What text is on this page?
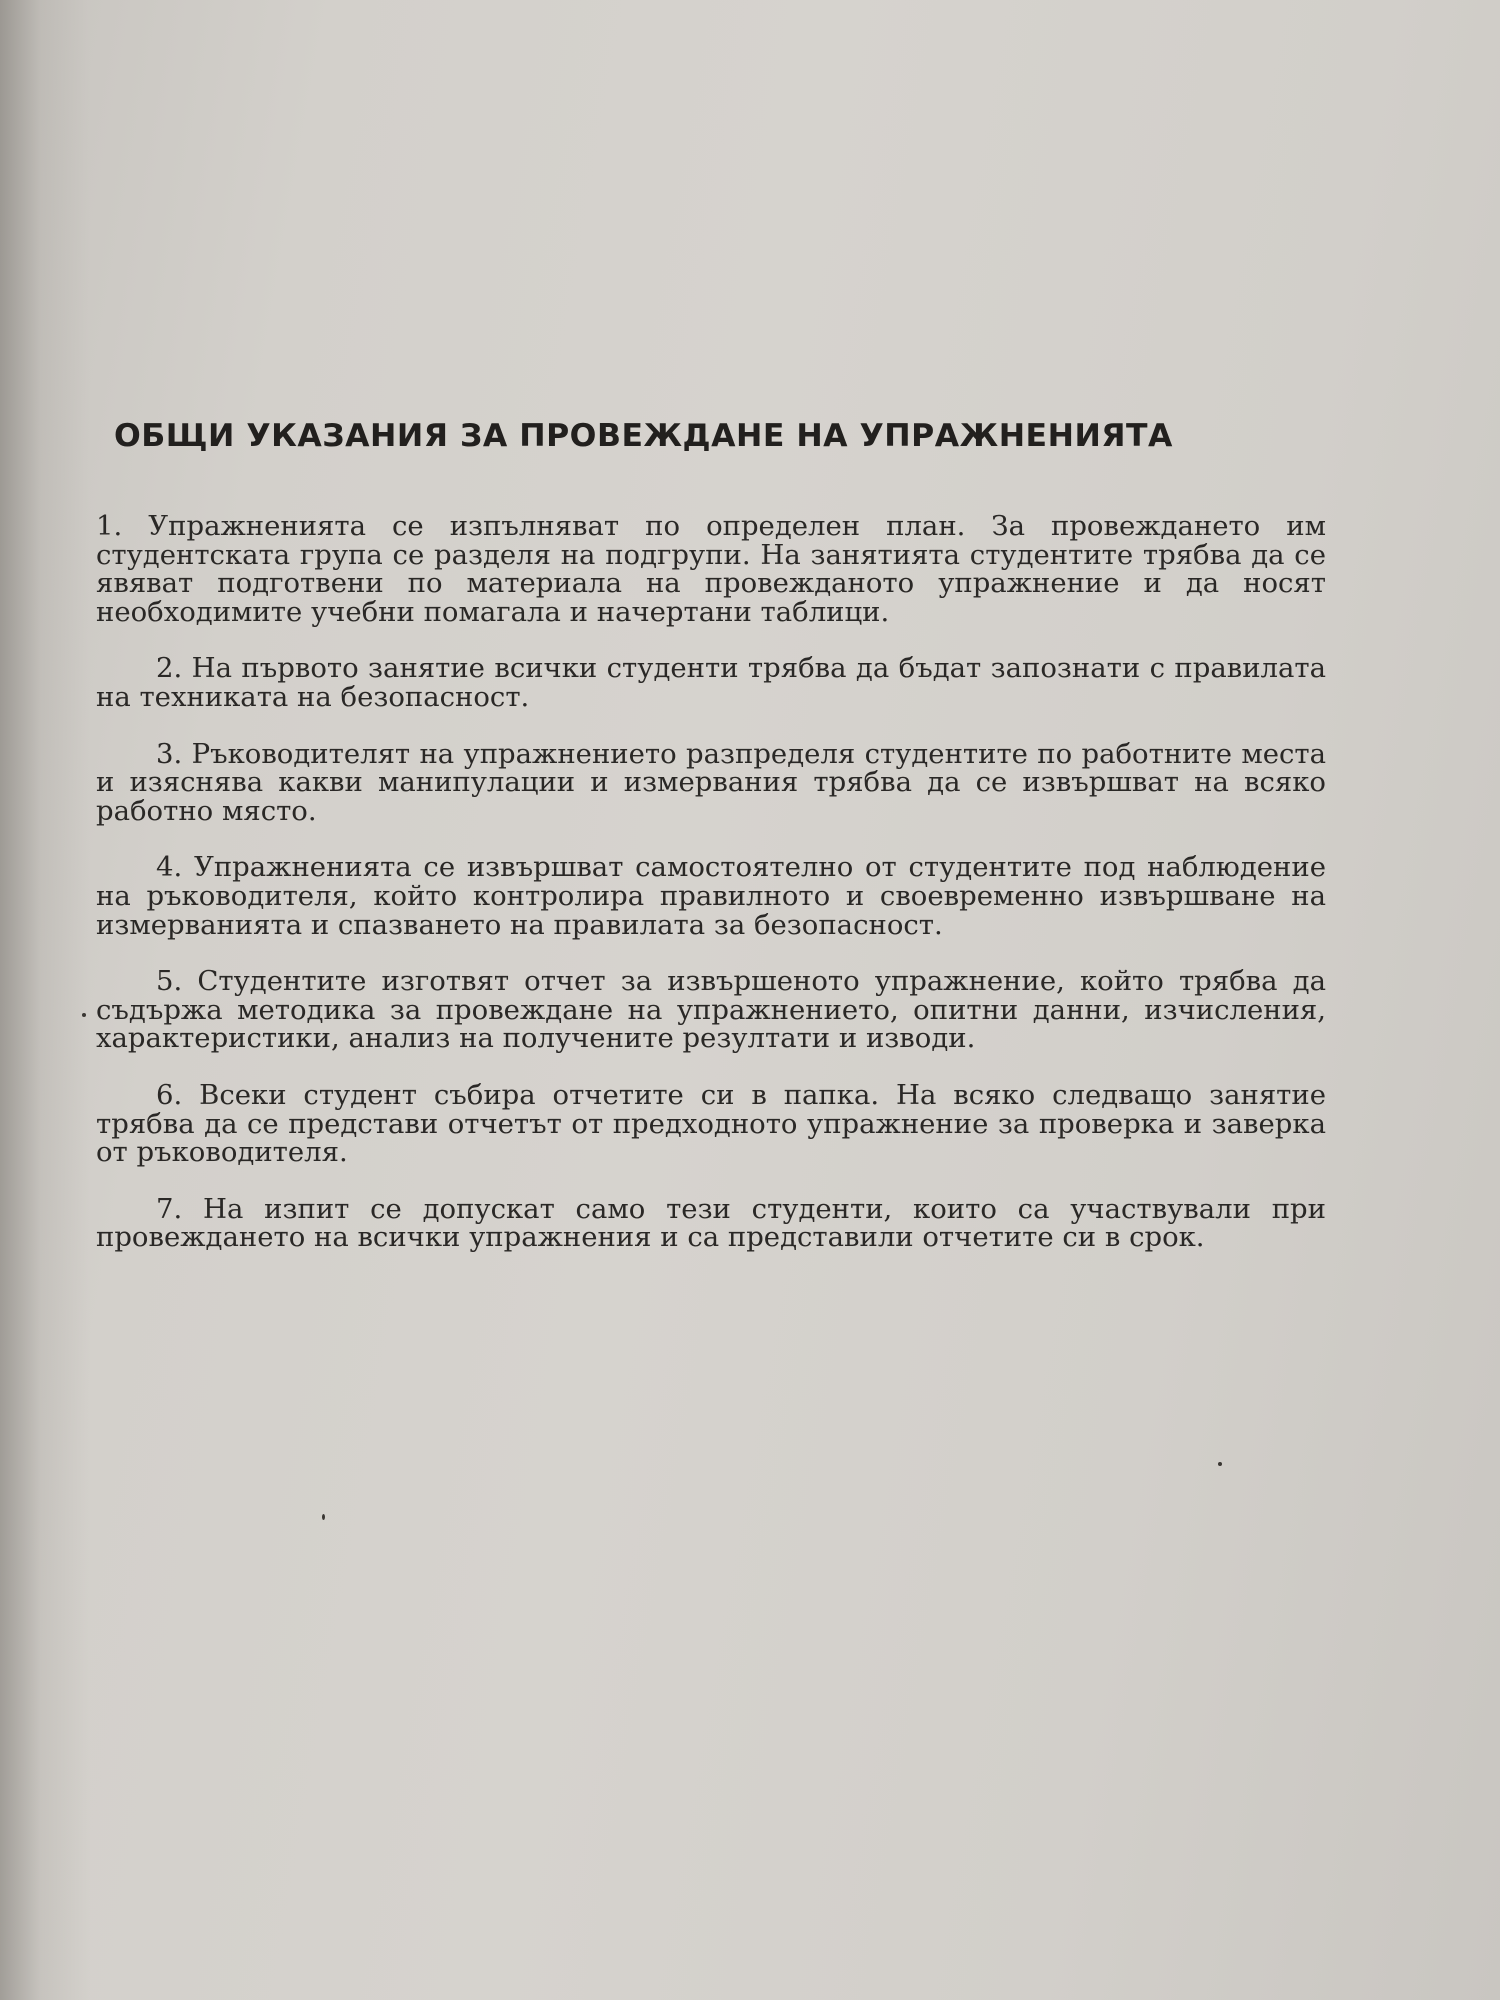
ОБЩИ УКАЗАНИЯ ЗА ПРОВЕЖДАНЕ НА УПРАЖНЕНИЯТА

1. Упражненията се изпълняват по определен план. За провеждането им студентската група се разделя на подгрупи. На занятията студентите трябва да се явяват подготвени по материала на провежданото упражнение и да носят необходимите учебни помагала и начертани таблици.

2. На първото занятие всички студенти трябва да бъдат запознати с правилата на техниката на безопасност.

3. Ръководителят на упражнението разпределя студентите по работните места и изяснява какви манипулации и измервания трябва да се извършват на всяко работно място.

4. Упражненията се извършват самостоятелно от студентите под наблюдение на ръководителя, който контролира правилното и своевременно извършване на измерванията и спазването на правилата за безопасност.

5. Студентите изготвят отчет за извършеното упражнение, който трябва да съдържа методика за провеждане на упражнението, опитни данни, изчисления, характеристики, анализ на получените резултати и изводи.

6. Всеки студент събира отчетите си в папка. На всяко следващо занятие трябва да се представи отчетът от предходното упражнение за проверка и заверка от ръководителя.

7. На изпит се допускат само тези студенти, които са участвували при провеждането на всички упражнения и са представили отчетите си в срок.
